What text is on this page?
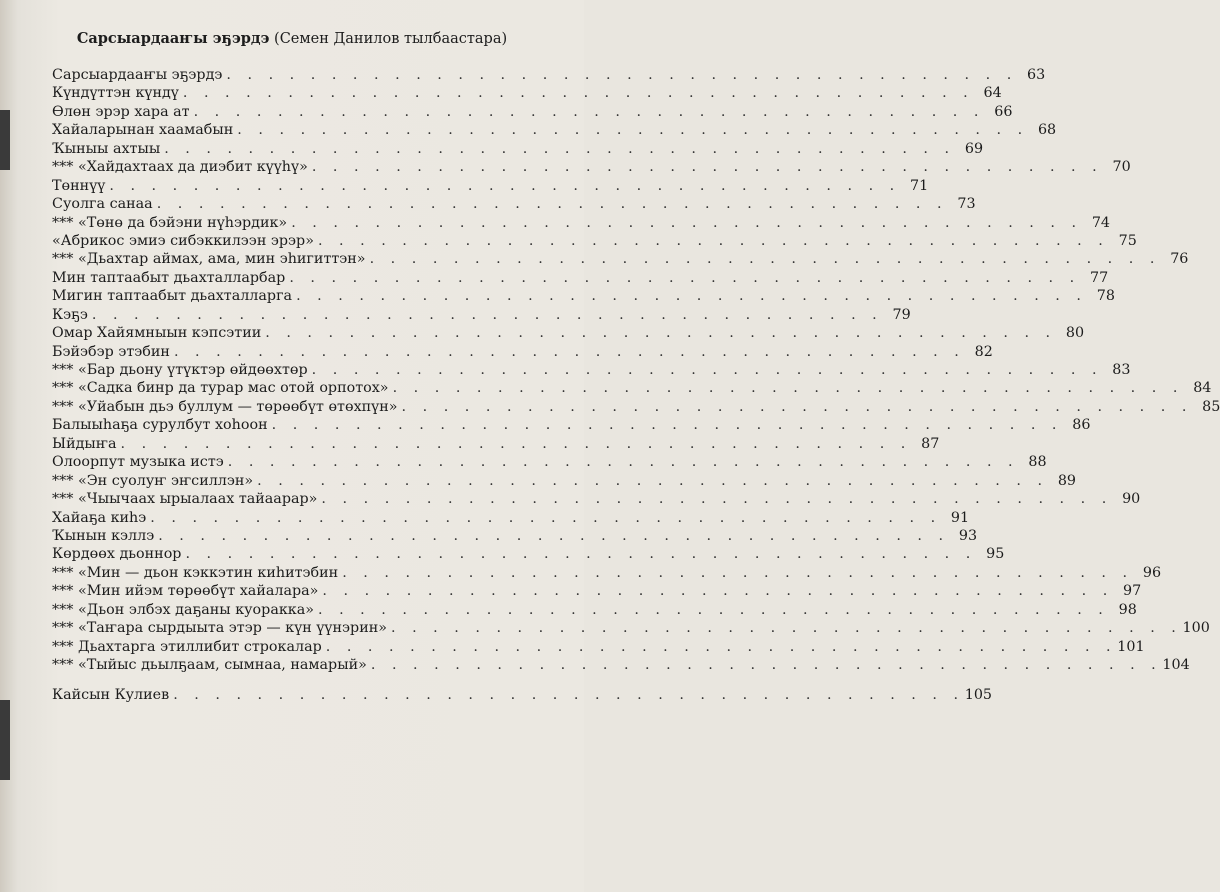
Сарсыардааҥы эҕэрдэ (Семен Данилов тылбаастара)
Сарсыардааҥы эҕэрдэ . . . . . . . . . . . . . . . . . . . . . . . . . . . . . . . . . . . . . . 63
Күндүттэн күндү . . . . . . . . . . . . . . . . . . . . . . . . . . . . . . . . . . . . . . 64
Өлөн эрэр хара ат . . . . . . . . . . . . . . . . . . . . . . . . . . . . . . . . . . . . . . 66
Хайаларынан хаамабын . . . . . . . . . . . . . . . . . . . . . . . . . . . . . . . . . . . . . . 68
Ҡыныы ахтыы . . . . . . . . . . . . . . . . . . . . . . . . . . . . . . . . . . . . . . 69
*** «Хайдахтаах да диэбит күүһү» . . . . . . . . . . . . . . . . . . . . . . . . . . . . . . . . . . . . . . 70
Төннүү . . . . . . . . . . . . . . . . . . . . . . . . . . . . . . . . . . . . . . 71
Суолга санаа . . . . . . . . . . . . . . . . . . . . . . . . . . . . . . . . . . . . . . 73
*** «Төнө да бэйэни нүһэрдик» . . . . . . . . . . . . . . . . . . . . . . . . . . . . . . . . . . . . . . 74
«Абрикос эмиэ сибэккилээн эрэр» . . . . . . . . . . . . . . . . . . . . . . . . . . . . . . . . . . . . . . 75
*** «Дьахтар аймах, ама, мин эһигиттэн» . . . . . . . . . . . . . . . . . . . . . . . . . . . . . . . . . . . . . . 76
Мин таптаабыт дьахталларбар . . . . . . . . . . . . . . . . . . . . . . . . . . . . . . . . . . . . . . 77
Мигин таптаабыт дьахталларга . . . . . . . . . . . . . . . . . . . . . . . . . . . . . . . . . . . . . . 78
Кэҕэ . . . . . . . . . . . . . . . . . . . . . . . . . . . . . . . . . . . . . . 79
Омар Хайямныын кэпсэтии . . . . . . . . . . . . . . . . . . . . . . . . . . . . . . . . . . . . . . 80
Бэйэбэр этэбин . . . . . . . . . . . . . . . . . . . . . . . . . . . . . . . . . . . . . . 82
*** «Бар дьону үтүктэр өйдөөхтөр . . . . . . . . . . . . . . . . . . . . . . . . . . . . . . . . . . . . . . 83
*** «Садка бинр да турар мас отой орпотох» . . . . . . . . . . . . . . . . . . . . . . . . . . . . . . . . . . . . . . 84
*** «Уйабын дьэ буллум — төрөөбүт өтөхпүн» . . . . . . . . . . . . . . . . . . . . . . . . . . . . . . . . . . . . . . 85
Балыыһаҕа сурулбут хоһоон . . . . . . . . . . . . . . . . . . . . . . . . . . . . . . . . . . . . . . 86
Ыйдыҥа . . . . . . . . . . . . . . . . . . . . . . . . . . . . . . . . . . . . . . 87
Олоорпут музыка истэ . . . . . . . . . . . . . . . . . . . . . . . . . . . . . . . . . . . . . . 88
*** «Эн суолуҥ эҥсиллэн» . . . . . . . . . . . . . . . . . . . . . . . . . . . . . . . . . . . . . . 89
*** «Чыычаах ырыалаах тайаарар» . . . . . . . . . . . . . . . . . . . . . . . . . . . . . . . . . . . . . . 90
Хайаҕа киһэ . . . . . . . . . . . . . . . . . . . . . . . . . . . . . . . . . . . . . . 91
Ҡынын кэллэ . . . . . . . . . . . . . . . . . . . . . . . . . . . . . . . . . . . . . . 93
Көрдөөх дьоннор . . . . . . . . . . . . . . . . . . . . . . . . . . . . . . . . . . . . . . 95
*** «Мин — дьон кэккэтин киһитэбин . . . . . . . . . . . . . . . . . . . . . . . . . . . . . . . . . . . . . . 96
*** «Мин ийэм төрөөбүт хайалара» . . . . . . . . . . . . . . . . . . . . . . . . . . . . . . . . . . . . . . 97
*** «Дьон элбэх даҕаны куоракка» . . . . . . . . . . . . . . . . . . . . . . . . . . . . . . . . . . . . . . 98
*** «Таҥара сырдыыта этэр — күн үүнэрин» . . . . . . . . . . . . . . . . . . . . . . . . . . . . . . . . . . . . . . 100
*** Дьахтарга этиллибит строкалар . . . . . . . . . . . . . . . . . . . . . . . . . . . . . . . . . . . . . . 101
*** «Тыйыс дьылҕаам, сымнаа, намарый» . . . . . . . . . . . . . . . . . . . . . . . . . . . . . . . . . . . . . . 104
Кайсын Кулиев . . . . . . . . . . . . . . . . . . . . . . . . . . . . . . . . . . . . . . 105
